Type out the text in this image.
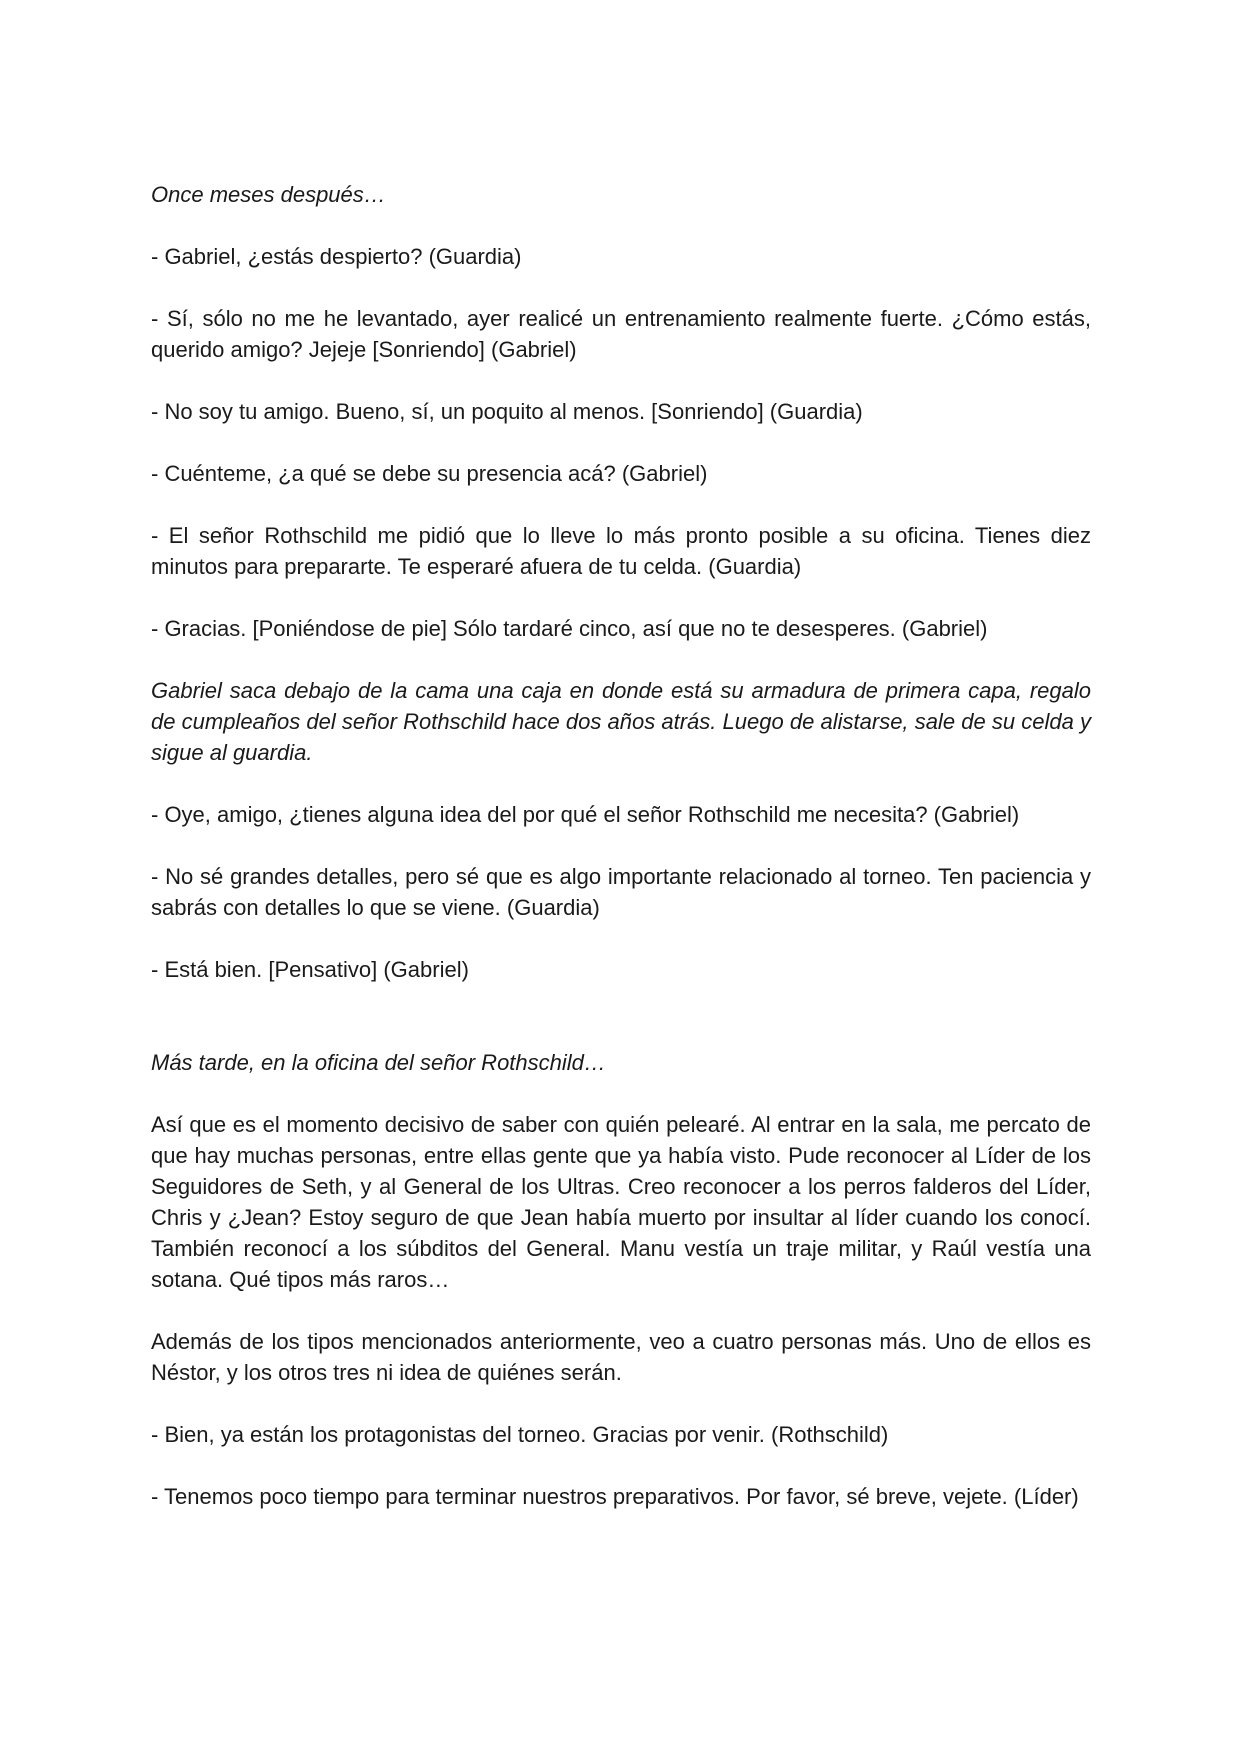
Once meses después…

- Gabriel, ¿estás despierto? (Guardia)

- Sí, sólo no me he levantado, ayer realicé un entrenamiento realmente fuerte. ¿Cómo estás, querido amigo? Jejeje [Sonriendo] (Gabriel)

- No soy tu amigo. Bueno, sí, un poquito al menos. [Sonriendo] (Guardia)

- Cuénteme, ¿a qué se debe su presencia acá? (Gabriel)

- El señor Rothschild me pidió que lo lleve lo más pronto posible a su oficina. Tienes diez minutos para prepararte. Te esperaré afuera de tu celda. (Guardia)

- Gracias. [Poniéndose de pie] Sólo tardaré cinco, así que no te desesperes. (Gabriel)

Gabriel saca debajo de la cama una caja en donde está su armadura de primera capa, regalo de cumpleaños del señor Rothschild hace dos años atrás. Luego de alistarse, sale de su celda y sigue al guardia.

- Oye, amigo, ¿tienes alguna idea del por qué el señor Rothschild me necesita? (Gabriel)

- No sé grandes detalles, pero sé que es algo importante relacionado al torneo. Ten paciencia y sabrás con detalles lo que se viene. (Guardia)

- Está bien. [Pensativo] (Gabriel)

Más tarde, en la oficina del señor Rothschild…

Así que es el momento decisivo de saber con quién pelearé. Al entrar en la sala, me percato de que hay muchas personas, entre ellas gente que ya había visto. Pude reconocer al Líder de los Seguidores de Seth, y al General de los Ultras. Creo reconocer a los perros falderos del Líder, Chris y ¿Jean? Estoy seguro de que Jean había muerto por insultar al líder cuando los conocí. También reconocí a los súbditos del General. Manu vestía un traje militar, y Raúl vestía una sotana. Qué tipos más raros…

Además de los tipos mencionados anteriormente, veo a cuatro personas más. Uno de ellos es Néstor, y los otros tres ni idea de quiénes serán.

- Bien, ya están los protagonistas del torneo. Gracias por venir. (Rothschild)

- Tenemos poco tiempo para terminar nuestros preparativos. Por favor, sé breve, vejete. (Líder)
